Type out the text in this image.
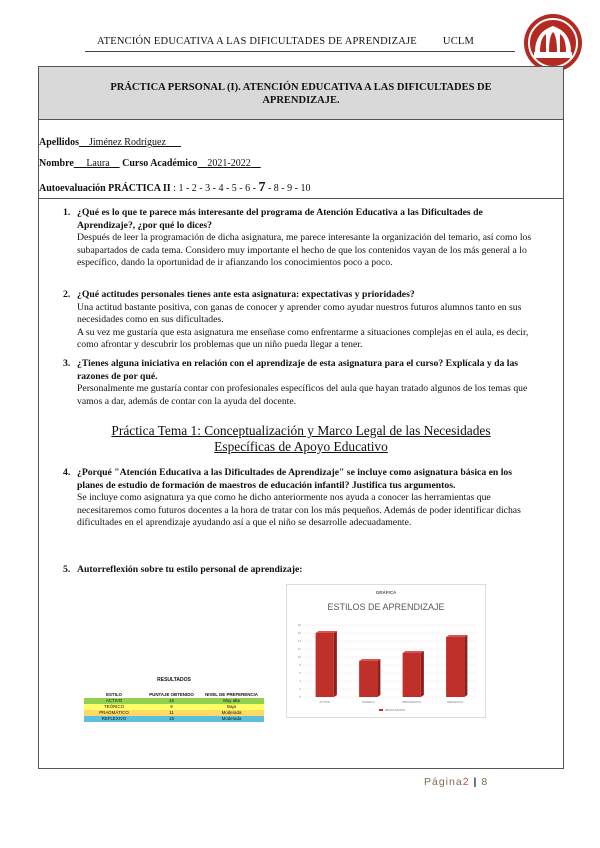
ATENCIÓN EDUCATIVA A LAS DIFICULTADES DE APRENDIZAJE UCLM
PRÁCTICA PERSONAL (I). ATENCIÓN EDUCATIVA A LAS DIFICULTADES DE APRENDIZAJE.
Apellidos Jiménez Rodríguez
Nombre Laura Curso Académico 2021-2022
Autoevaluación PRÁCTICA II : 1 - 2 - 3 - 4 - 5 - 6 - 7 - 8 - 9 - 10
1. ¿Qué es lo que te parece más interesante del programa de Atención Educativa a las Dificultades de Aprendizaje?, ¿por qué lo dices?
Después de leer la programación de dicha asignatura, me parece interesante la organización del temario, así como los subapartados de cada tema. Considero muy importante el hecho de que los contenidos vayan de los más general a lo específico, dando la oportunidad de ir afianzando los conocimientos poco a poco.
2. ¿Qué actitudes personales tienes ante esta asignatura: expectativas y prioridades?
Una actitud bastante positiva, con ganas de conocer y aprender como ayudar nuestros futuros alumnos tanto en sus necesidades como en sus dificultades.
A su vez me gustaría que esta asignatura me enseñase como enfrentarme a situaciones complejas en el aula, es decir, como afrontar y descubrir los problemas que un niño pueda llegar a tener.
3. ¿Tienes alguna iniciativa en relación con el aprendizaje de esta asignatura para el curso? Explícala y da las razones de por qué.
Personalmente me gustaría contar con profesionales específicos del aula que hayan tratado algunos de los temas que vamos a dar, además de contar con la ayuda del docente.
Práctica Tema 1: Conceptualización y Marco Legal de las Necesidades
Específicas de Apoyo Educativo
4. ¿Porqué "Atención Educativa a las Dificultades de Aprendizaje" se incluye como asignatura básica en los planes de estudio de formación de maestros de educación infantil? Justifica tus argumentos.
Se incluye como asignatura ya que como he dicho anteriormente nos ayuda a conocer las herramientas que necesitaremos como futuros docentes a la hora de tratar con los más pequeños. Además de poder identificar dichas dificultades en el aprendizaje ayudando así a que el niño se desarrolle adecuadamente.
5. Autorreflexión sobre tu estilo personal de aprendizaje:
RESULTADOS
ESTILO	PUNTAJE OBTENIDO	NIVEL DE PREFERENCIA
ACTIVO	16	Muy alta
TEÓRICO	9	Baja
PRAGMÁTICO	11	Moderada
REFLEXIVO	15	Moderada
GRÁFICA
ESTILOS DE APRENDIZAJE
0
2
4
6
8
10
12
14
16
18
ACTIVO	TEÓRICO	PRAGMÁTICO	REFLEXIVO
RESULTADOS
Página2 | 8
